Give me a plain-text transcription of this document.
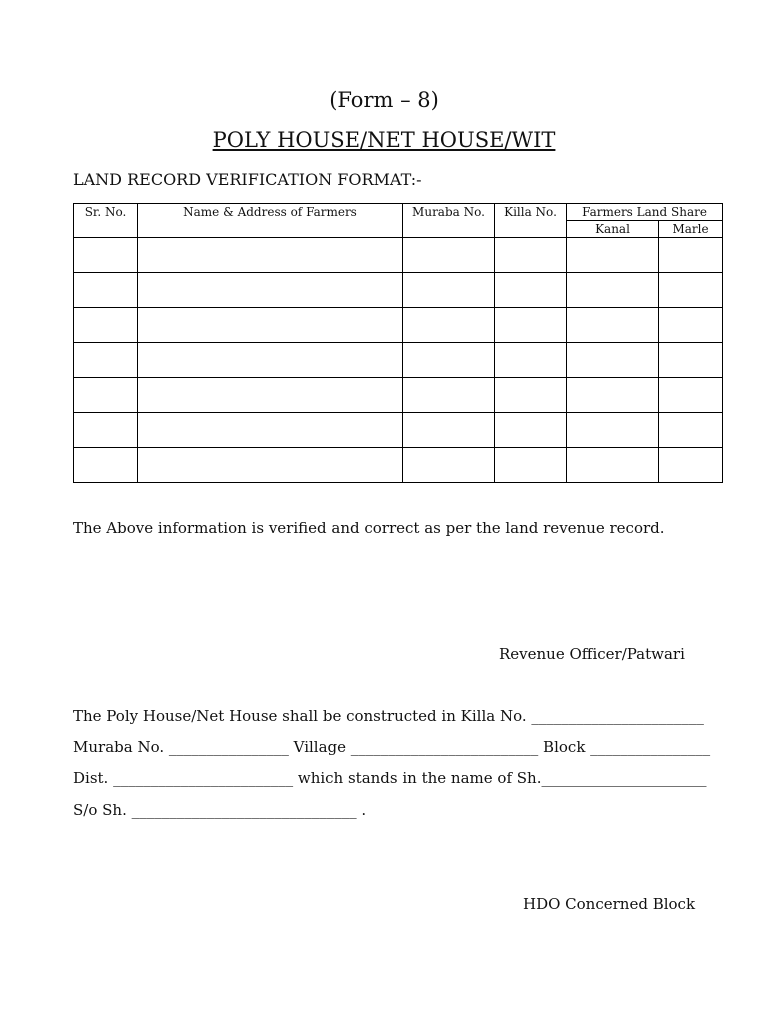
(Form – 8)
POLY HOUSE/NET HOUSE/WIT
LAND RECORD VERIFICATION FORMAT:-
Sr. No.	Name & Address of Farmers	Muraba No.	Killa No.	Farmers Land Share	
				Kanal	Marle

The Above information is verified and correct as per the land revenue record.
Revenue Officer/Patwari
The Poly House/Net House shall be constructed in Killa No. _______________________
Muraba No. ________________ Village _________________________ Block ________________
Dist. ________________________ which stands in the name of Sh.______________________
S/o Sh. ______________________________ .
HDO Concerned Block
